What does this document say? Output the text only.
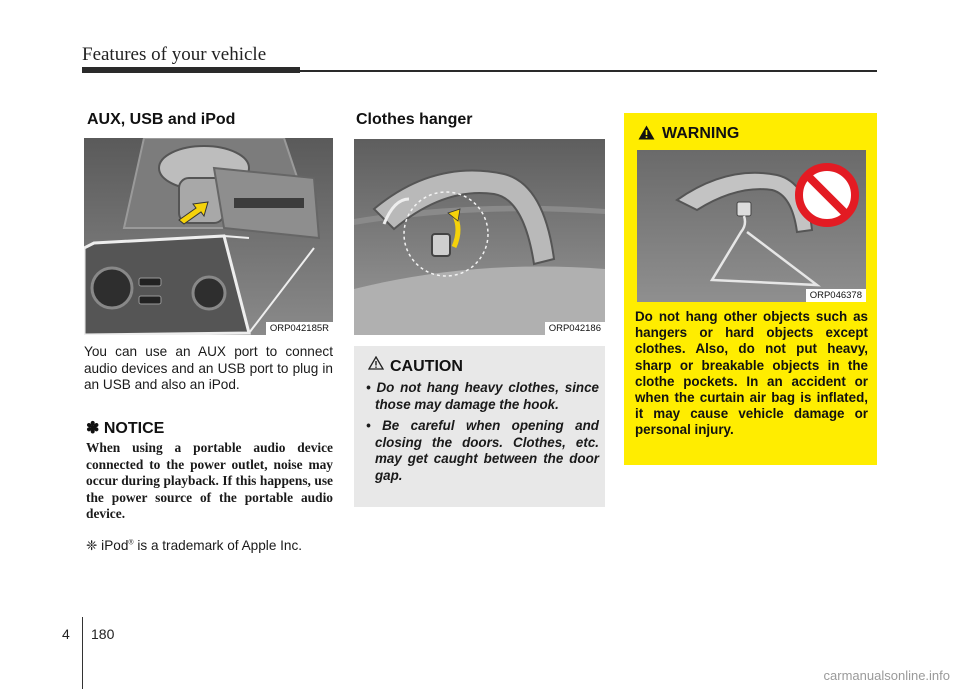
Features of your vehicle
AUX, USB and iPod
ORP042185R
You can use an AUX port to connect audio devices and an USB port to plug in an USB and also an iPod.
✽ NOTICE
When using a portable audio device connected to the power outlet, noise may occur during playback. If this happens, use the power source of the portable audio device.
❈ iPod® is a trademark of Apple Inc.
Clothes hanger
ORP042186
CAUTION
• Do not hang heavy clothes, since those may damage the hook.
• Be careful when opening and closing the doors. Clothes, etc. may get caught between the door gap.
WARNING
ORP046378
Do not hang other objects such as hangers or hard objects except clothes. Also, do not put heavy, sharp or breakable objects in the clothe pockets. In an accident or when the curtain air bag is inflated, it may cause vehicle damage or personal injury.
4 180
carmanualsonline.info
